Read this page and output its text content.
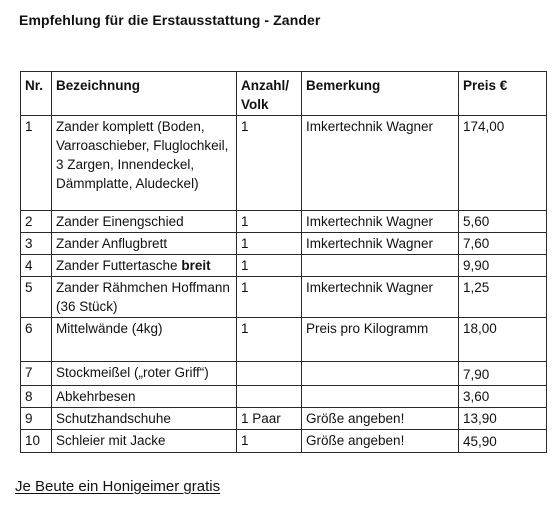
Empfehlung für die Erstausstattung - Zander
Nr.	Bezeichnung	Anzahl/ Volk	Bemerkung	Preis €
1	Zander komplett (Boden, Varroaschieber, Fluglochkeil, 3 Zargen, Innendeckel, Dämmplatte, Aludeckel)	1	Imkertechnik Wagner	174,00
2	Zander Einengschied	1	Imkertechnik Wagner	5,60
3	Zander Anflugbrett	1	Imkertechnik Wagner	7,60
4	Zander Futtertasche breit	1		9,90
5	Zander Rähmchen Hoffmann (36 Stück)	1	Imkertechnik Wagner	1,25
6	Mittelwände (4kg)	1	Preis pro Kilogramm	18,00
7	Stockmeißel („roter Griff“)			7,90
8	Abkehrbesen			3,60
9	Schutzhandschuhe	1 Paar	Größe angeben!	13,90
10	Schleier mit Jacke	1	Größe angeben!	45,90
Je Beute ein Honigeimer gratis
